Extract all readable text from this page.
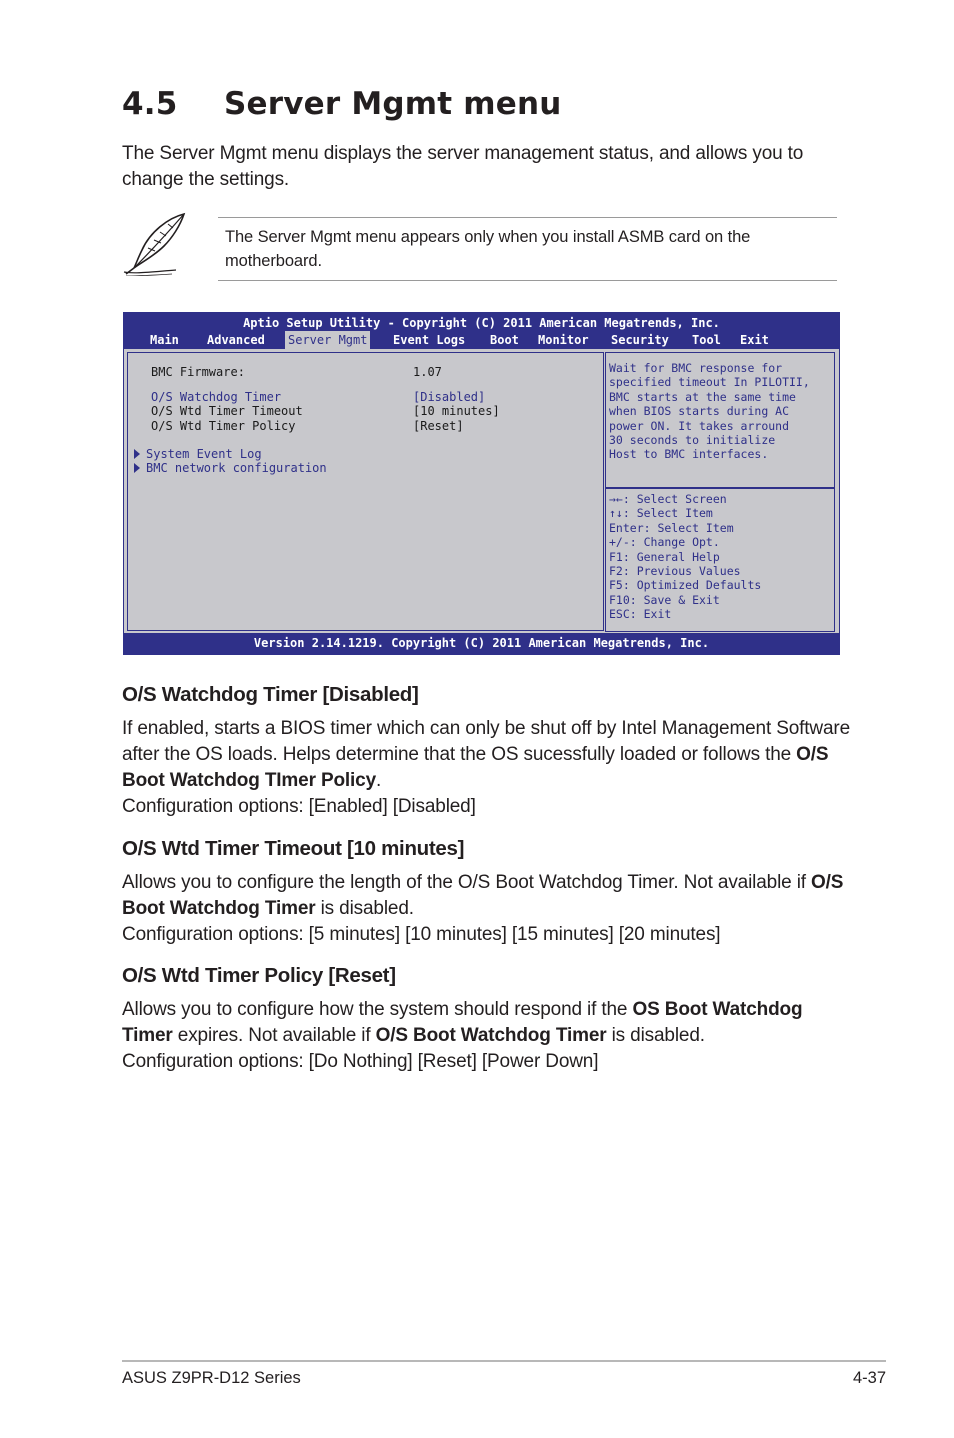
4.5 Server Mgmt menu
The Server Mgmt menu displays the server management status, and allows you to change the settings.
The Server Mgmt menu appears only when you install ASMB card on the motherboard.
Aptio Setup Utility - Copyright (C) 2011 American Megatrends, Inc.
Main Advanced Server Mgmt Event Logs Boot Monitor Security Tool Exit
BMC Firmware:	1.07
O/S Watchdog Timer	[Disabled]
O/S Wtd Timer Timeout	[10 minutes]
O/S Wtd Timer Policy	[Reset]
System Event Log
BMC network configuration
Wait for BMC response for
specified timeout In PILOTII,
BMC starts at the same time
when BIOS starts during AC
power ON. It takes arround
30 seconds to initialize
Host to BMC interfaces.
→←: Select Screen
↑↓: Select Item
Enter: Select Item
+/-: Change Opt.
F1: General Help
F2: Previous Values
F5: Optimized Defaults
F10: Save & Exit
ESC: Exit
Version 2.14.1219. Copyright (C) 2011 American Megatrends, Inc.
O/S Watchdog Timer [Disabled]
If enabled, starts a BIOS timer which can only be shut off by Intel Management Software after the OS loads. Helps determine that the OS sucessfully loaded or follows the O/S Boot Watchdog TImer Policy.
Configuration options: [Enabled] [Disabled]
O/S Wtd Timer Timeout [10 minutes]
Allows you to configure the length of the O/S Boot Watchdog Timer. Not available if O/S Boot Watchdog Timer is disabled.
Configuration options: [5 minutes] [10 minutes] [15 minutes] [20 minutes]
O/S Wtd Timer Policy [Reset]
Allows you to configure how the system should respond if the OS Boot Watchdog Timer expires. Not available if O/S Boot Watchdog Timer is disabled.
Configuration options: [Do Nothing] [Reset] [Power Down]
ASUS Z9PR-D12 Series	4-37
